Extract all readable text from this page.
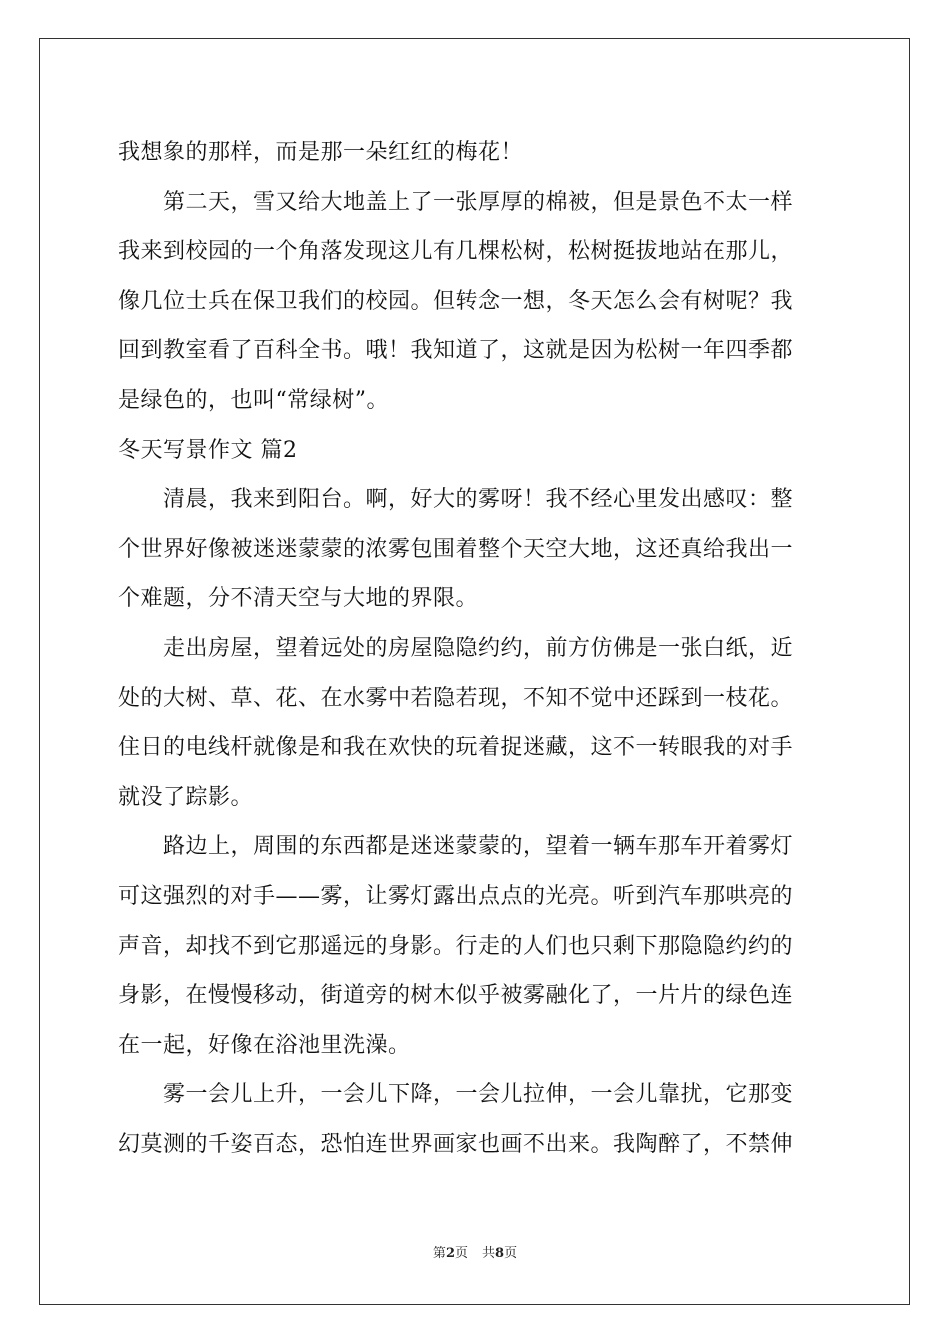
我想象的那样，而是那一朵红红的梅花！
　　第二天，雪又给大地盖上了一张厚厚的棉被，但是景色不太一样
我来到校园的一个角落发现这儿有几棵松树，松树挺拔地站在那儿，
像几位士兵在保卫我们的校园。但转念一想，冬天怎么会有树呢？我
回到教室看了百科全书。哦！我知道了，这就是因为松树一年四季都
是绿色的，也叫“常绿树”。
冬天写景作文 篇2
　　清晨，我来到阳台。啊，好大的雾呀！我不经心里发出感叹：整
个世界好像被迷迷蒙蒙的浓雾包围着整个天空大地，这还真给我出一
个难题，分不清天空与大地的界限。
　　走出房屋，望着远处的房屋隐隐约约，前方仿佛是一张白纸，近
处的大树、草、花、在水雾中若隐若现，不知不觉中还踩到一枝花。
住日的电线杆就像是和我在欢快的玩着捉迷藏，这不一转眼我的对手
就没了踪影。
　　路边上，周围的东西都是迷迷蒙蒙的，望着一辆车那车开着雾灯
可这强烈的对手——雾，让雾灯露出点点的光亮。听到汽车那哄亮的
声音，却找不到它那遥远的身影。行走的人们也只剩下那隐隐约约的
身影，在慢慢移动，街道旁的树木似乎被雾融化了，一片片的绿色连
在一起，好像在浴池里洗澡。
　　雾一会儿上升，一会儿下降，一会儿拉伸，一会儿靠扰，它那变
幻莫测的千姿百态，恐怕连世界画家也画不出来。我陶醉了，不禁伸
第2页 共8页
